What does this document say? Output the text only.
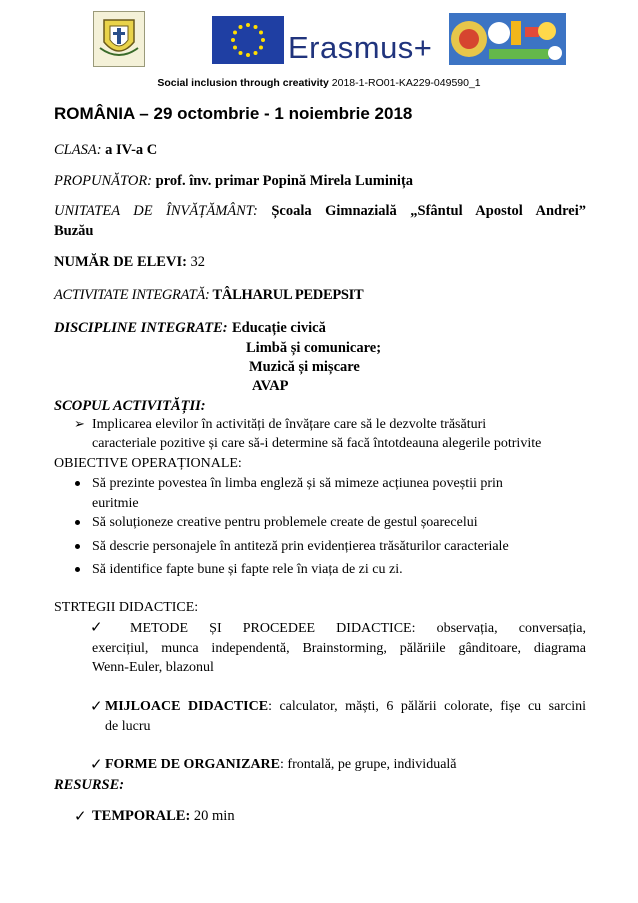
Erasmus+
Social inclusion through creativity 2018-1-RO01-KA229-049590_1
ROMÂNIA – 29 octombrie - 1 noiembrie 2018
CLASA: a IV-a C
PROPUNĂTOR: prof. înv. primar Popină Mirela Luminița
UNITATEA DE ÎNVĂȚĂMÂNT: Școala Gimnazială „Sfântul Apostol Andrei”
Buzău
NUMĂR DE ELEVI: 32
ACTIVITATE INTEGRATĂ: TÂLHARUL PEDEPSIT
DISCIPLINE INTEGRATE: Educație civică
Limbă și comunicare;
Muzică și mișcare
AVAP
SCOPUL ACTIVITĂȚII:
➢ Implicarea elevilor în activități de învățare care să le dezvolte trăsături
caracteriale pozitive și care să-i determine să facă întotdeauna alegerile potrivite
OBIECTIVE OPERAȚIONALE:
Să prezinte povestea în limba engleză și să mimeze acțiunea poveștii prin
euritmie
Să soluționeze creative pentru problemele create de gestul șoarecelui
Să descrie personajele în antiteză prin evidențierea trăsăturilor caracteriale
Să identifice fapte bune și fapte rele în viața de zi cu zi.
STRTEGII DIDACTICE:
✓ METODE   ȘI   PROCEDEE   DIDACTICE:   observația,   conversația,
exercițiul,  munca  independentă,  Brainstorming,  pălăriile  gânditoare,  diagrama
Wenn-Euler, blazonul
✓ MIJLOACE DIDACTICE: calculator, măști, 6 pălării colorate, fișe cu sarcini
de lucru
✓ FORME DE ORGANIZARE: frontală, pe grupe, individuală
RESURSE:
✓ TEMPORALE: 20 min
